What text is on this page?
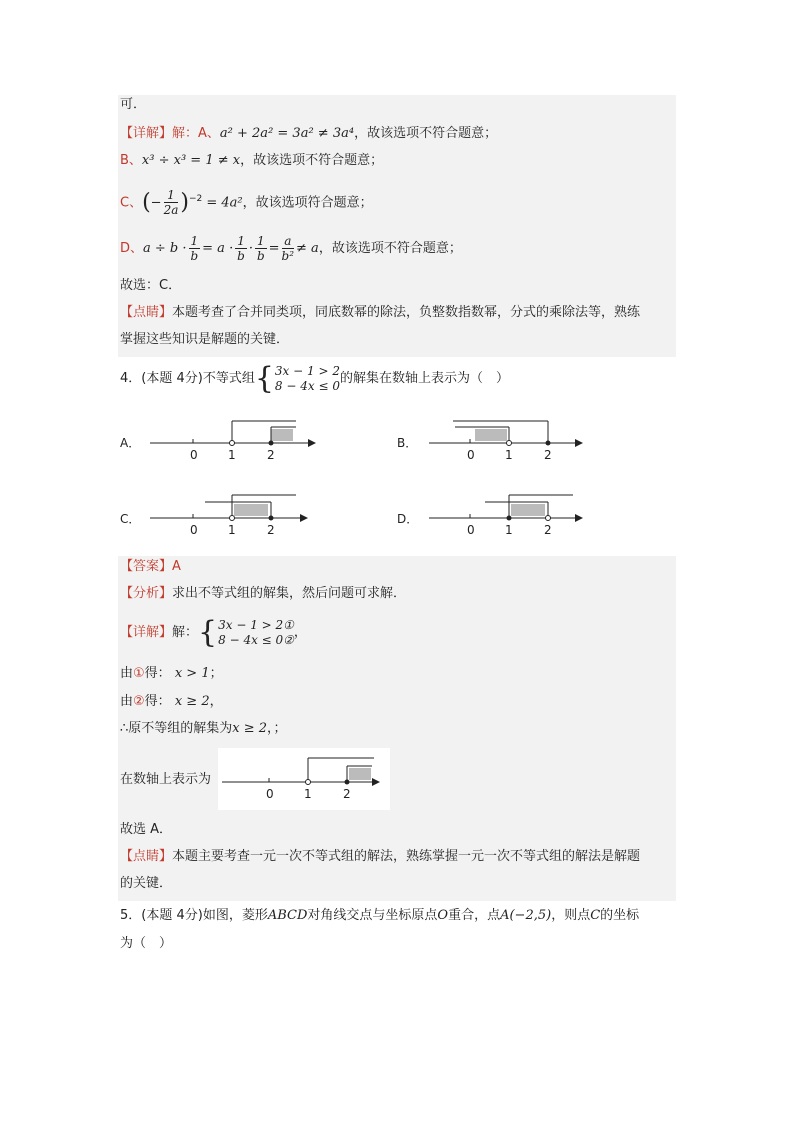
可．
【详解】解：A、a² + 2a² = 3a² ≠ 3a⁴，故该选项不符合题意；
B、x³ ÷ x³ = 1 ≠ x，故该选项不符合题意；
C、(− $\frac{1}{2a} )^{-2} = 4a^2$，故该选项符合题意；
D、$a \div b \cdot \frac{1}{b} = a \cdot \frac{1}{b} \cdot \frac{1}{b} = \frac{a}{\text{b²}} \ne a$，故该选项不符合题意；
故选：C．
【点睛】本题考查了合并同类项，同底数幂的除法，负整数指数幂，分式的乘除法等，熟练
掌握这些知识是解题的关键．
4．(本题 4分)不等式组{ 3x − 1 > 2
8 − 4x ≤ 0 的解集在数轴上表示为（　）
A．
0	1	2
B．
0	1	2
C．
0	1	2
D．
0	1	2
【答案】A
【分析】求出不等式组的解集，然后问题可求解．
【详解】解：{ 3x − 1 > 2①
8 − 4x ≤ 0② ，
由①得： x > 1；
由②得： x ≥ 2，
∴原不等组的解集为x ≥ 2，；
在数轴上表示为
0	1	2
故选 A．
【点睛】本题主要考查一元一次不等式组的解法，熟练掌握一元一次不等式组的解法是解题
的关键．
5．(本题 4分)如图，菱形ABCD对角线交点与坐标原点O重合，点A(−2,5)，则点C的坐标
为（　）
